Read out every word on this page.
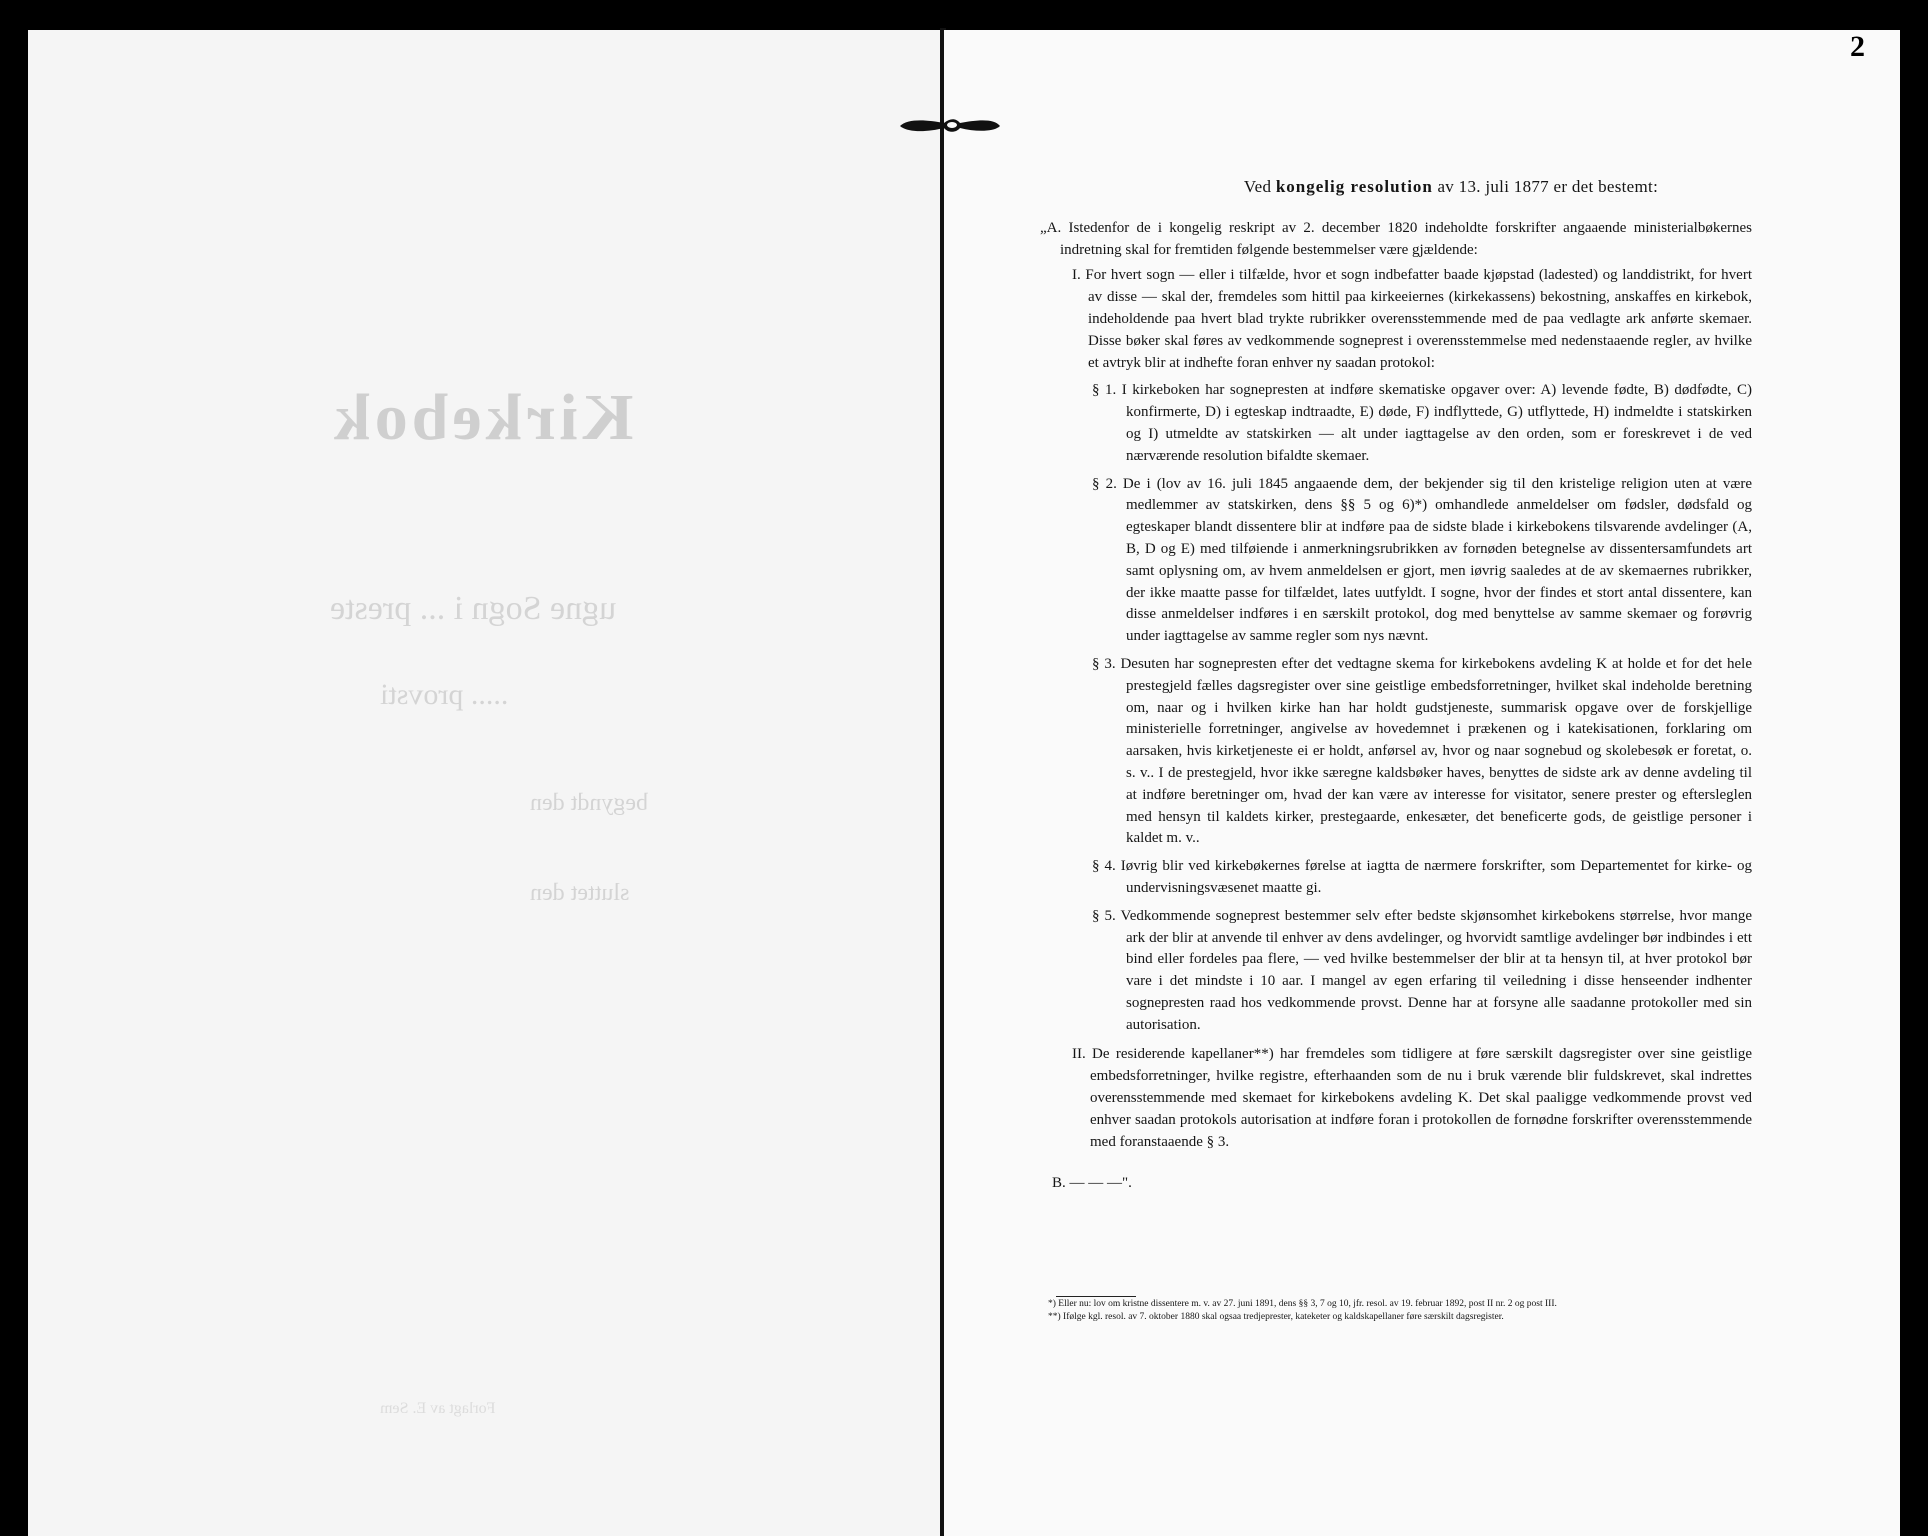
Kirkebok
ugne Sogn i ... preste
..... provsti
begyndt den
sluttet den
Forlagt av E. Sem
2
Ved kongelig resolution av 13. juli 1877 er det bestemt:

„A. Istedenfor de i kongelig reskript av 2. december 1820 indeholdte forskrifter angaaende ministerialbøkernes indretning skal for fremtiden følgende bestemmelser være gjældende:

I. For hvert sogn — eller i tilfælde, hvor et sogn indbefatter baade kjøpstad (ladested) og landdistrikt, for hvert av disse — skal der, fremdeles som hittil paa kirkeeiernes (kirkekassens) bekostning, anskaffes en kirkebok, indeholdende paa hvert blad trykte rubrikker overensstemmende med de paa vedlagte ark anførte skemaer. Disse bøker skal føres av vedkommende sogneprest i overensstemmelse med nedenstaaende regler, av hvilke et avtryk blir at indhefte foran enhver ny saadan protokol:

§ 1. I kirkeboken har sognepresten at indføre skematiske opgaver over: A) levende fødte, B) dødfødte, C) konfirmerte, D) i egteskap indtraadte, E) døde, F) indflyttede, G) utflyttede, H) indmeldte i statskirken og I) utmeldte av statskirken — alt under iagttagelse av den orden, som er foreskrevet i de ved nærværende resolution bifaldte skemaer.

§ 2. De i (lov av 16. juli 1845 angaaende dem, der bekjender sig til den kristelige religion uten at være medlemmer av statskirken, dens §§ 5 og 6)*) omhandlede anmeldelser om fødsler, dødsfald og egteskaper blandt dissentere blir at indføre paa de sidste blade i kirkebokens tilsvarende avdelinger (A, B, D og E) med tilføiende i anmerkningsrubrikken av fornøden betegnelse av dissentersamfundets art samt oplysning om, av hvem anmeldelsen er gjort, men iøvrig saaledes at de av skemaernes rubrikker, der ikke maatte passe for tilfældet, lates uutfyldt. I sogne, hvor der findes et stort antal dissentere, kan disse anmeldelser indføres i en særskilt protokol, dog med benyttelse av samme skemaer og forøvrig under iagttagelse av samme regler som nys nævnt.

§ 3. Desuten har sognepresten efter det vedtagne skema for kirkebokens avdeling K at holde et for det hele prestegjeld fælles dagsregister over sine geistlige embedsforretninger, hvilket skal indeholde beretning om, naar og i hvilken kirke han har holdt gudstjeneste, summarisk opgave over de forskjellige ministerielle forretninger, angivelse av hovedemnet i prækenen og i katekisationen, forklaring om aarsaken, hvis kirketjeneste ei er holdt, anførsel av, hvor og naar sognebud og skolebesøk er foretat, o. s. v.. I de prestegjeld, hvor ikke særegne kaldsbøker haves, benyttes de sidste ark av denne avdeling til at indføre beretninger om, hvad der kan være av interesse for visitator, senere prester og eftersleglen med hensyn til kaldets kirker, prestegaarde, enkesæter, det beneficerte gods, de geistlige personer i kaldet m. v..

§ 4. Iøvrig blir ved kirkebøkernes førelse at iagtta de nærmere forskrifter, som Departementet for kirke- og undervisningsvæsenet maatte gi.

§ 5. Vedkommende sogneprest bestemmer selv efter bedste skjønsomhet kirkebokens størrelse, hvor mange ark der blir at anvende til enhver av dens avdelinger, og hvorvidt samtlige avdelinger bør indbindes i ett bind eller fordeles paa flere, — ved hvilke bestemmelser der blir at ta hensyn til, at hver protokol bør vare i det mindste i 10 aar. I mangel av egen erfaring til veiledning i disse henseender indhenter sognepresten raad hos vedkommende provst. Denne har at forsyne alle saadanne protokoller med sin autorisation.

II. De residerende kapellaner**) har fremdeles som tidligere at føre særskilt dagsregister over sine geistlige embedsforretninger, hvilke registre, efterhaanden som de nu i bruk værende blir fuldskrevet, skal indrettes overensstemmende med skemaet for kirkebokens avdeling K. Det skal paaligge vedkommende provst ved enhver saadan protokols autorisation at indføre foran i protokollen de fornødne forskrifter overensstemmende med foranstaaende § 3.

B. — — —".

*) Eller nu: lov om kristne dissentere m. v. av 27. juni 1891, dens §§ 3, 7 og 10, jfr. resol. av 19. februar 1892, post II nr. 2 og post III.

**) Ifølge kgl. resol. av 7. oktober 1880 skal ogsaa tredjeprester, kateketer og kaldskapellaner føre særskilt dagsregister.
